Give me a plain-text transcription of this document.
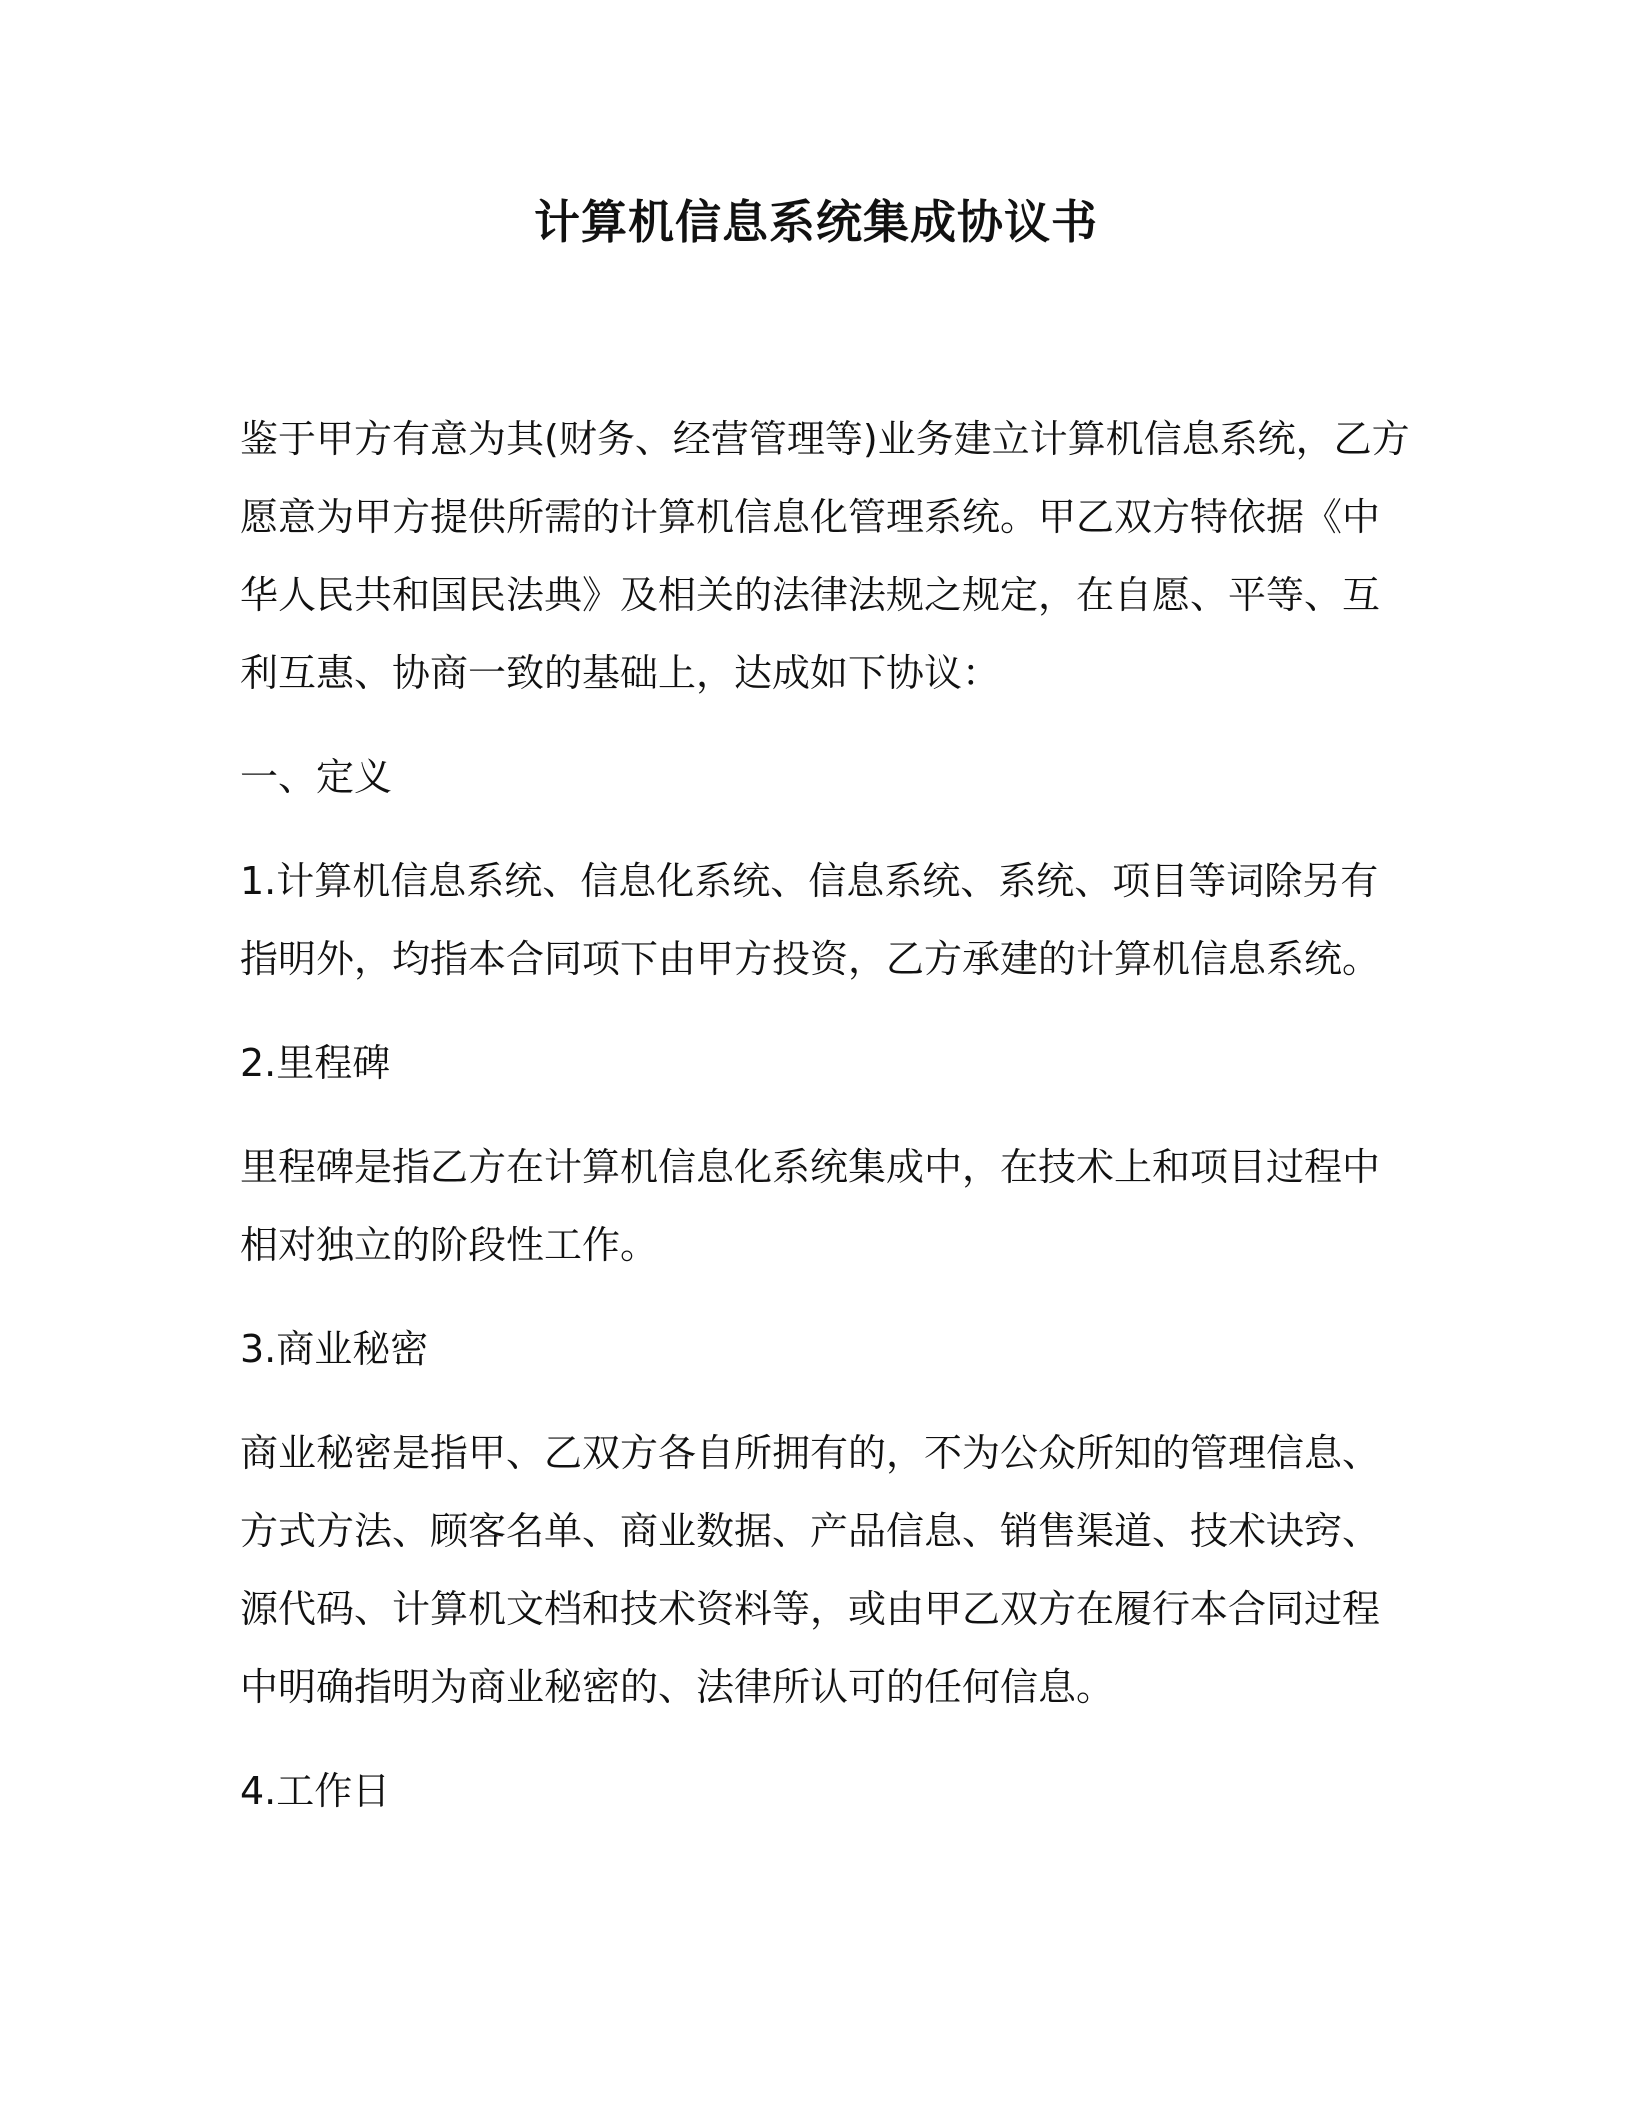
计算机信息系统集成协议书

鉴于甲方有意为其(财务、经营管理等)业务建立计算机信息系统，乙方
愿意为甲方提供所需的计算机信息化管理系统。甲乙双方特依据《中
华人民共和国民法典》及相关的法律法规之规定，在自愿、平等、互
利互惠、协商一致的基础上，达成如下协议：

一、定义

1.计算机信息系统、信息化系统、信息系统、系统、项目等词除另有
指明外，均指本合同项下由甲方投资，乙方承建的计算机信息系统。

2.里程碑

里程碑是指乙方在计算机信息化系统集成中，在技术上和项目过程中
相对独立的阶段性工作。

3.商业秘密

商业秘密是指甲、乙双方各自所拥有的，不为公众所知的管理信息、
方式方法、顾客名单、商业数据、产品信息、销售渠道、技术诀窍、
源代码、计算机文档和技术资料等，或由甲乙双方在履行本合同过程
中明确指明为商业秘密的、法律所认可的任何信息。

4.工作日
